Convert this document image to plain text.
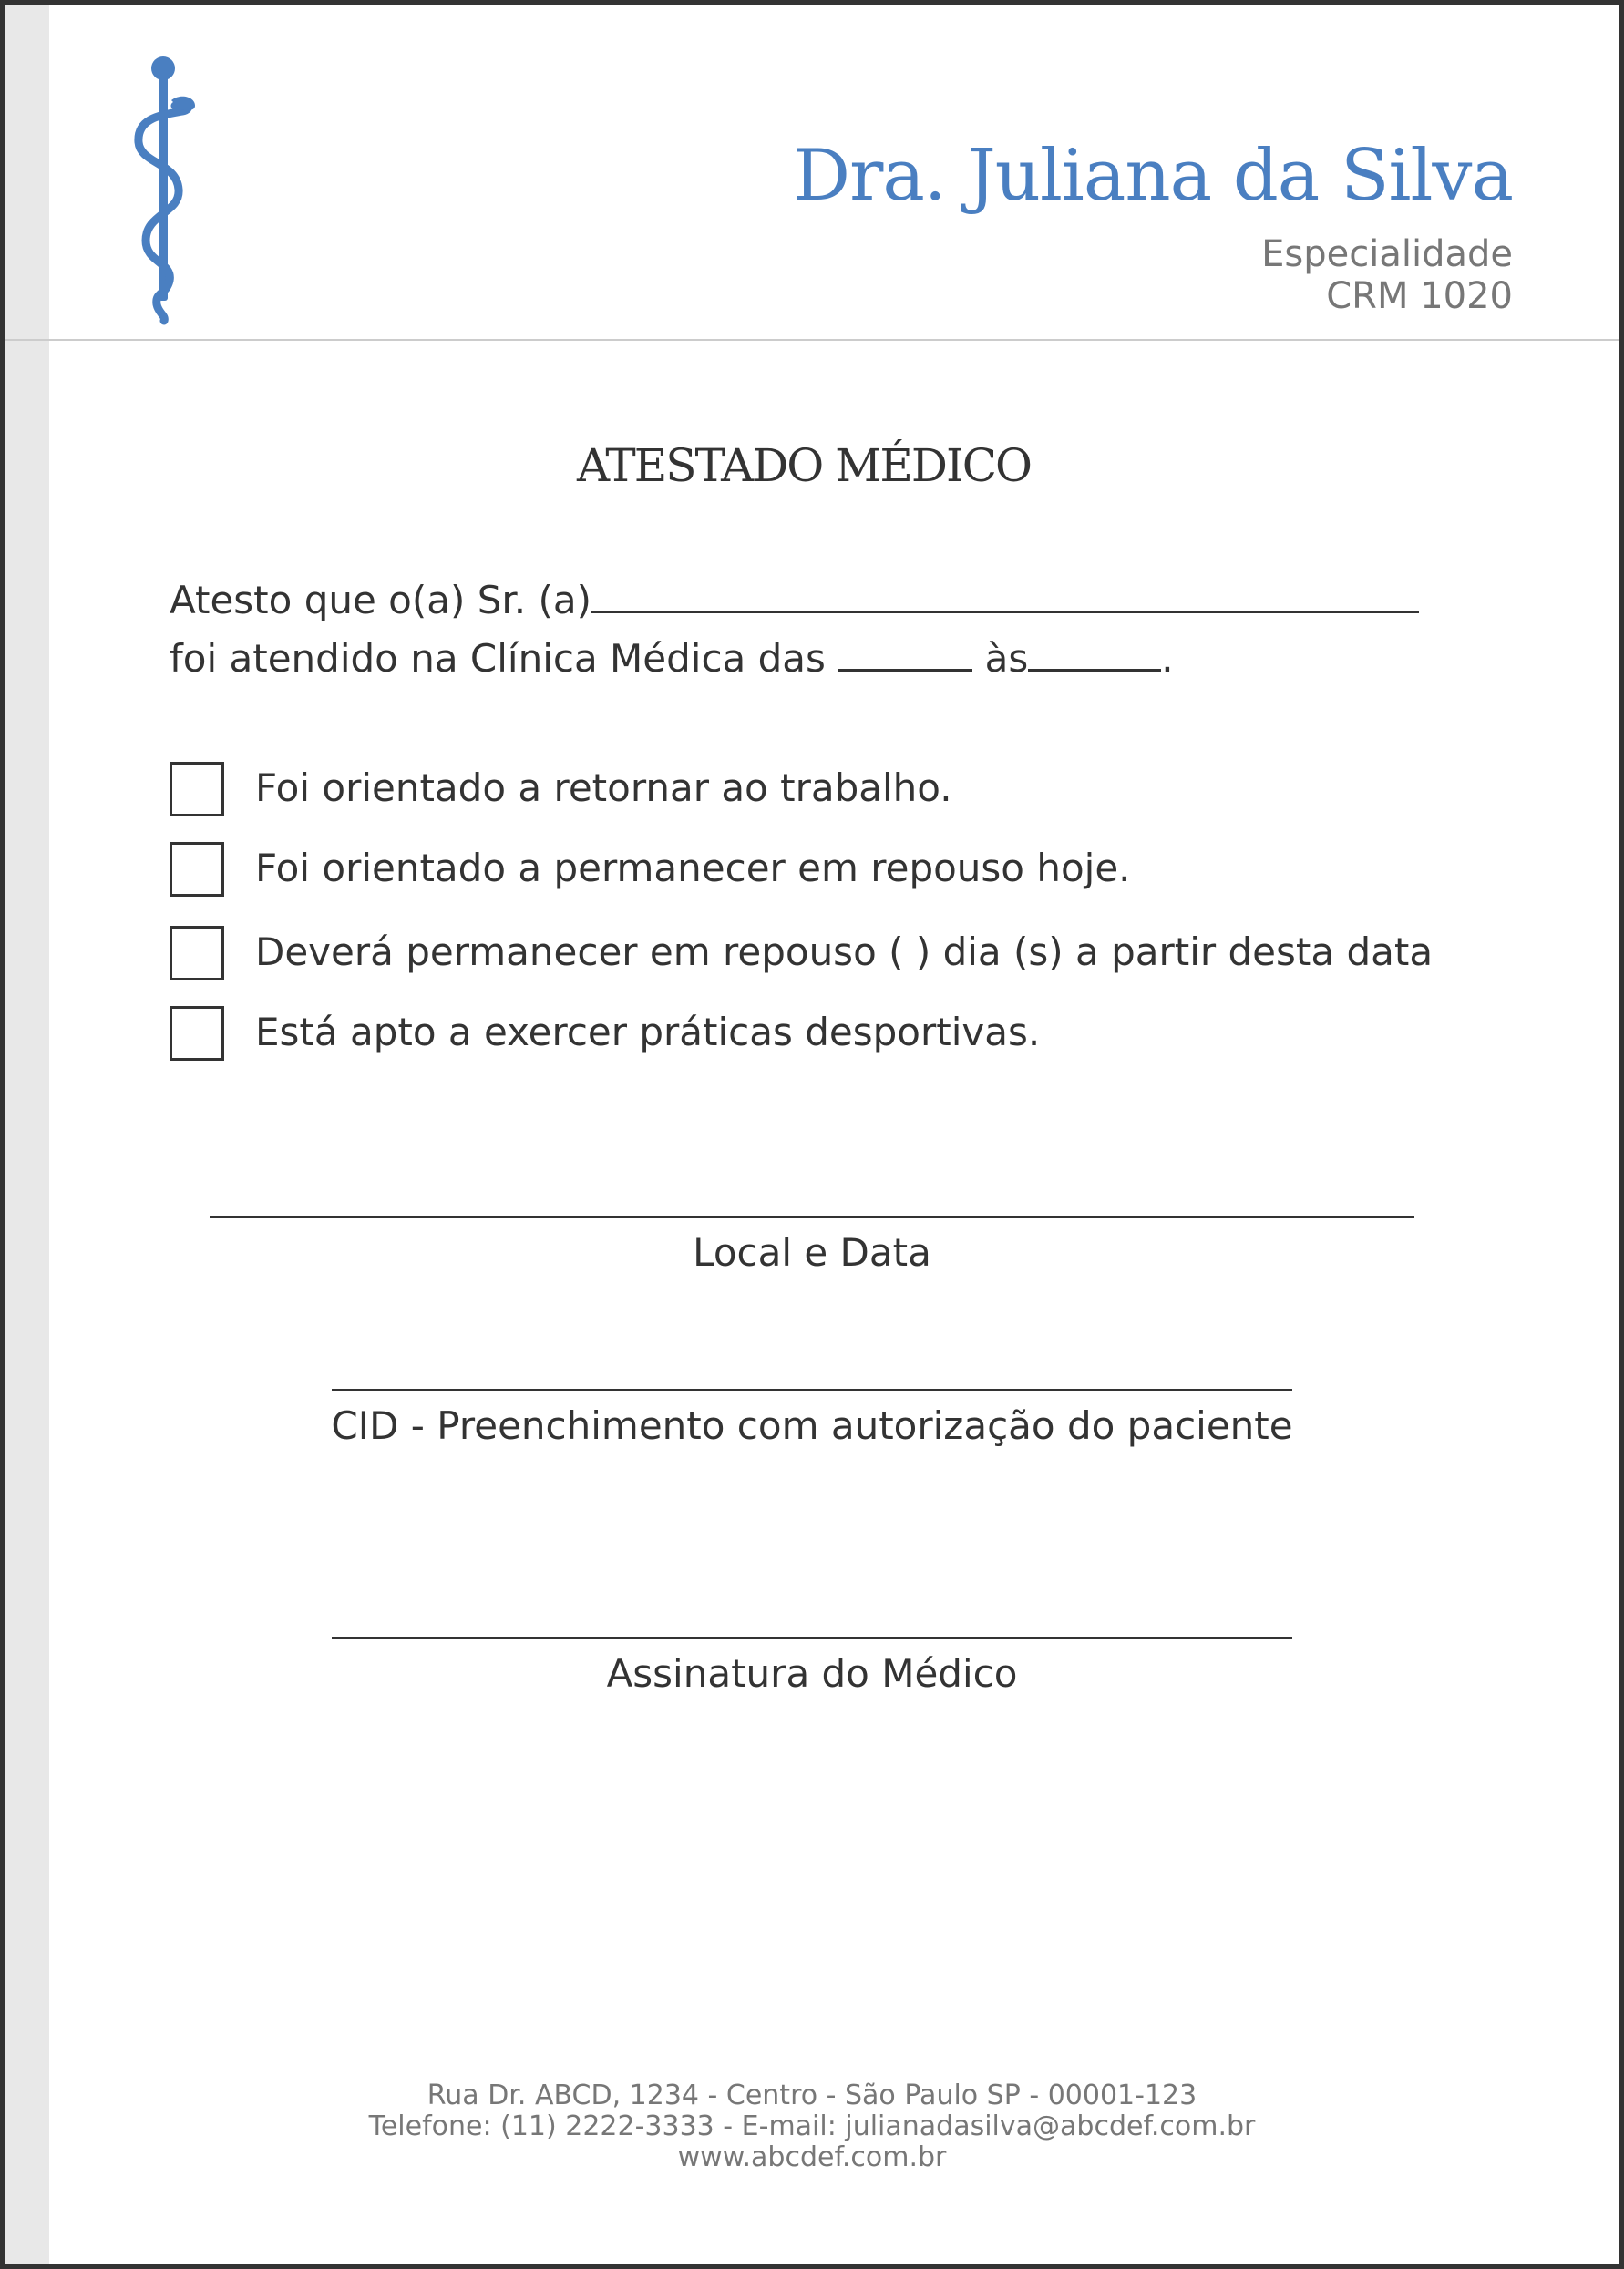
Dra. Juliana da Silva
Especialidade
CRM 1020
ATESTADO MÉDICO
Atesto que o(a) Sr. (a)
foi atendido na Clínica Médica das	às	.
Foi orientado a retornar ao trabalho.
Foi orientado a permanecer em repouso hoje.
Deverá permanecer em repouso ( ) dia (s) a partir desta data
Está apto a exercer práticas desportivas.
Local e Data
CID - Preenchimento com autorização do paciente
Assinatura do Médico
Rua Dr. ABCD, 1234 - Centro - São Paulo SP - 00001-123
Telefone: (11) 2222-3333 - E-mail: julianadasilva@abcdef.com.br
www.abcdef.com.br
